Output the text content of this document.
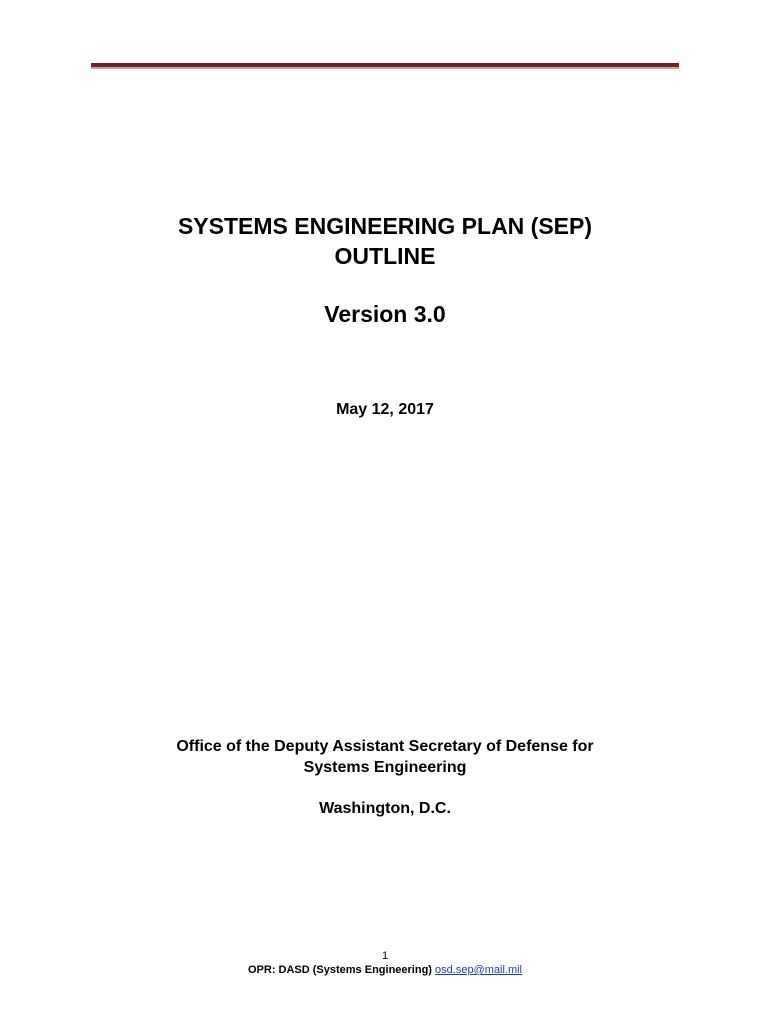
SYSTEMS ENGINEERING PLAN (SEP)
OUTLINE
Version 3.0
May 12, 2017
Office of the Deputy Assistant Secretary of Defense for
Systems Engineering
Washington, D.C.
1
OPR: DASD (Systems Engineering) osd.sep@mail.mil
